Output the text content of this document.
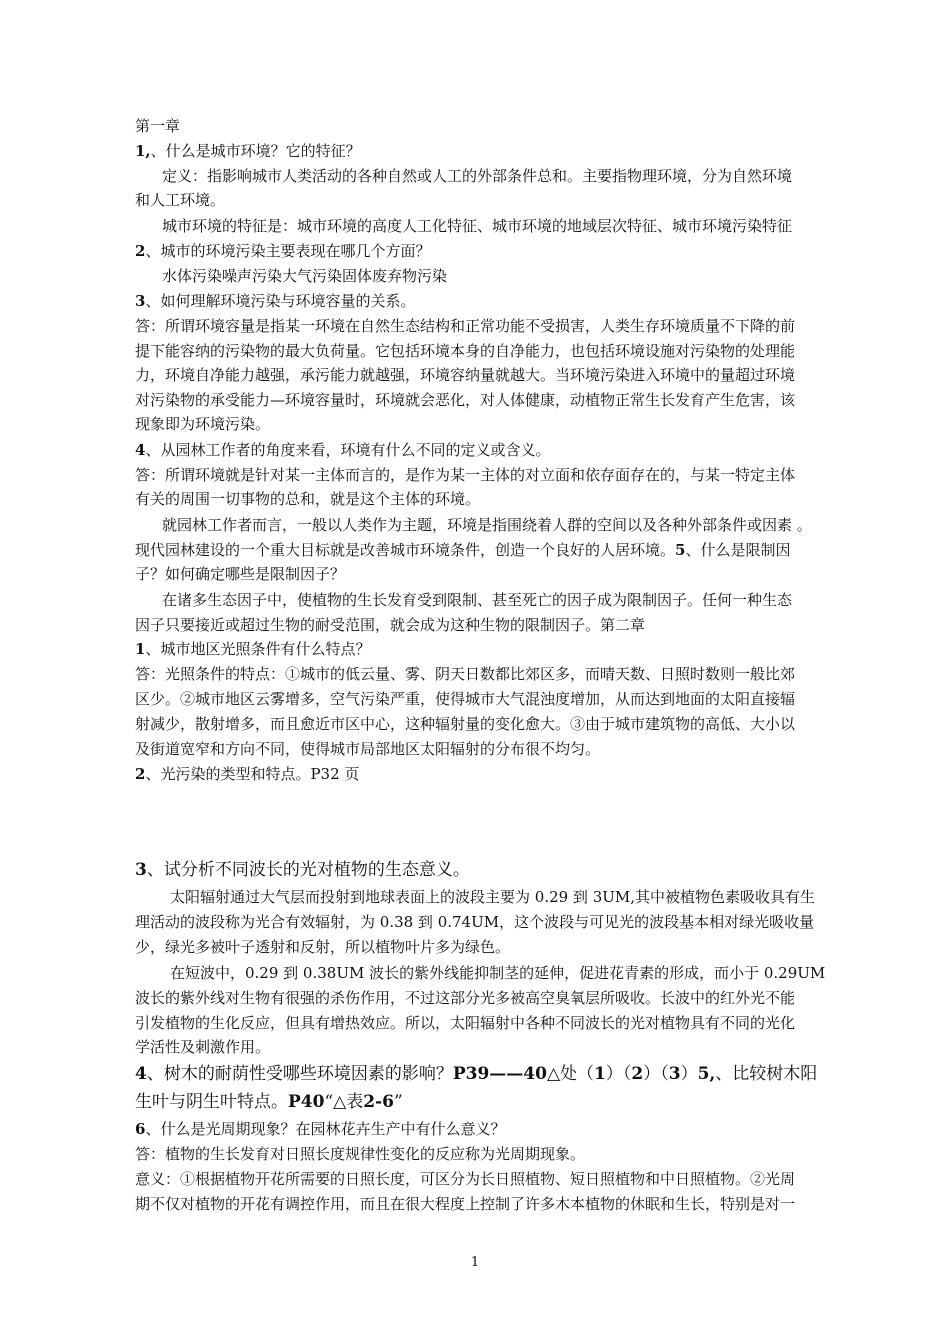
第一章
1,、什么是城市环境？它的特征？
定义：指影响城市人类活动的各种自然或人工的外部条件总和。主要指物理环境，分为自然环境
和人工环境。
城市环境的特征是：城市环境的高度人工化特征、城市环境的地域层次特征、城市环境污染特征
2、城市的环境污染主要表现在哪几个方面？
水体污染噪声污染大气污染固体废弃物污染
3、如何理解环境污染与环境容量的关系。
答：所谓环境容量是指某一环境在自然生态结构和正常功能不受损害，人类生存环境质量不下降的前
提下能容纳的污染物的最大负荷量。它包括环境本身的自净能力，也包括环境设施对污染物的处理能
力，环境自净能力越强，承污能力就越强，环境容纳量就越大。当环境污染进入环境中的量超过环境
对污染物的承受能力—环境容量时，环境就会恶化，对人体健康，动植物正常生长发育产生危害，该
现象即为环境污染。
4、从园林工作者的角度来看，环境有什么不同的定义或含义。
答：所谓环境就是针对某一主体而言的，是作为某一主体的对立面和依存面存在的，与某一特定主体
有关的周围一切事物的总和，就是这个主体的环境。
就园林工作者而言，一般以人类作为主题，环境是指围绕着人群的空间以及各种外部条件或因素 。
现代园林建设的一个重大目标就是改善城市环境条件，创造一个良好的人居环境。5、什么是限制因
子？如何确定哪些是限制因子？
在诸多生态因子中，使植物的生长发育受到限制、甚至死亡的因子成为限制因子。任何一种生态
因子只要接近或超过生物的耐受范围，就会成为这种生物的限制因子。第二章
1、城市地区光照条件有什么特点？
答：光照条件的特点：①城市的低云量、雾、阴天日数都比郊区多，而晴天数、日照时数则一般比郊
区少。②城市地区云雾增多，空气污染严重，使得城市大气混浊度增加，从而达到地面的太阳直接辐
射减少，散射增多，而且愈近市区中心，这种辐射量的变化愈大。③由于城市建筑物的高低、大小以
及街道宽窄和方向不同，使得城市局部地区太阳辐射的分布很不均匀。
2、光污染的类型和特点。P32 页
3、试分析不同波长的光对植物的生态意义。
太阳辐射通过大气层而投射到地球表面上的波段主要为 0.29 到 3UM,其中被植物色素吸收具有生
理活动的波段称为光合有效辐射，为 0.38 到 0.74UM，这个波段与可见光的波段基本相对绿光吸收量
少，绿光多被叶子透射和反射，所以植物叶片多为绿色。
在短波中，0.29 到 0.38UM 波长的紫外线能抑制茎的延伸，促进花青素的形成，而小于 0.29UM
波长的紫外线对生物有很强的杀伤作用，不过这部分光多被高空臭氧层所吸收。长波中的红外光不能
引发植物的生化反应，但具有增热效应。所以，太阳辐射中各种不同波长的光对植物具有不同的光化
学活性及刺激作用。
4、树木的耐荫性受哪些环境因素的影响？P39——40△处（1）（2）（3）5,、比较树木阳
生叶与阴生叶特点。P40“△表2-6”
6、什么是光周期现象？在园林花卉生产中有什么意义？
答：植物的生长发育对日照长度规律性变化的反应称为光周期现象。
意义：①根据植物开花所需要的日照长度，可区分为长日照植物、短日照植物和中日照植物。②光周
期不仅对植物的开花有调控作用，而且在很大程度上控制了许多木本植物的休眠和生长，特别是对一
1
